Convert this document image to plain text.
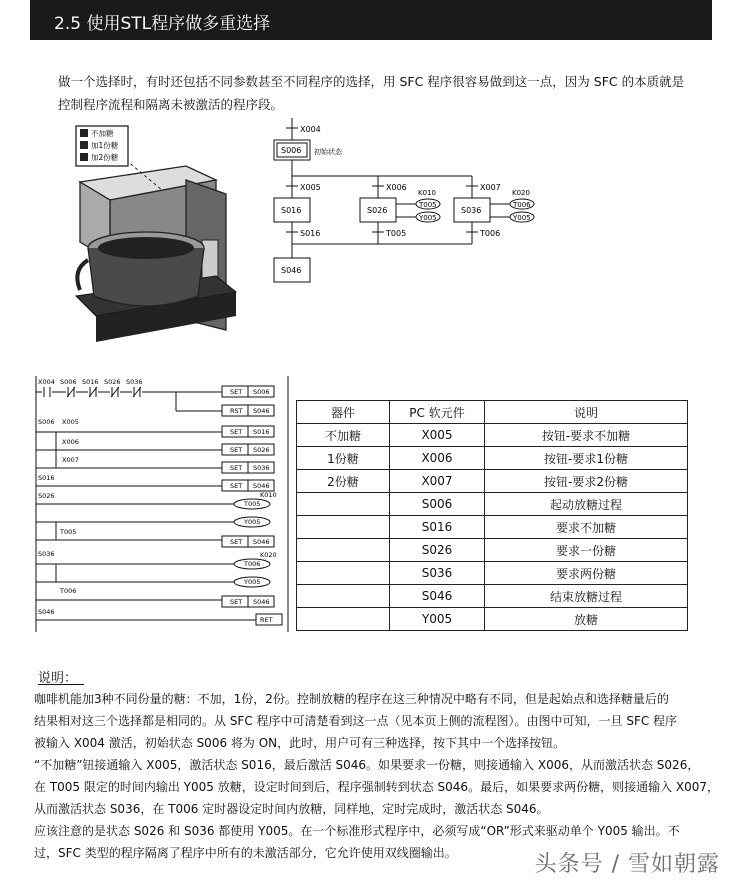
2.5 使用STL程序做多重选择
做一个选择时，有时还包括不同参数甚至不同程序的选择，用 SFC 程序很容易做到这一点，因为 SFC 的本质就是
控制程序流程和隔离未被激活的程序段。
不加糖
加1份糖
加2份糖
X004
S006 初始状态
X005
S016
S016
X006
S026
K010
T005
Y005
T005
X007
S036
K020
T006
Y005
T006
S046
X004 S006 S016 S026 S036
SET S006
RST S046
S006 X005
SET S016
X006
SET S026
X007
SET S036
S016
SET S046
S026	K010
T005
Y005
T005
SET S046
S036	K020
T006
Y005
T006
SET S046
S046
RET
器件	PC 软元件	说明
不加糖	X005	按钮-要求不加糖
1份糖	X006	按钮-要求1份糖
2份糖	X007	按钮-要求2份糖
	S006	起动放糖过程
	S016	要求不加糖
	S026	要求一份糖
	S036	要求两份糖
	S046	结束放糖过程
	Y005	放糖
说明：

咖啡机能加3种不同份量的糖：不加，1份，2份。控制放糖的程序在这三种情况中略有不同，但是起始点和选择糖量后的

结果相对这三个选择都是相同的。从 SFC 程序中可清楚看到这一点（见本页上侧的流程图）。由图中可知，一旦 SFC 程序

被输入 X004 激活，初始状态 S006 将为 ON，此时，用户可有三种选择，按下其中一个选择按钮。

“不加糖”钮接通输入 X005，激活状态 S016，最后激活 S046。如果要求一份糖，则接通输入 X006，从而激活状态 S026，

在 T005 限定的时间内输出 Y005 放糖，设定时间到后，程序强制转到状态 S046。最后，如果要求两份糖，则接通输入 X007，

从而激活状态 S036，在 T006 定时器设定时间内放糖，同样地，定时完成时，激活状态 S046。

应该注意的是状态 S026 和 S036 都使用 Y005。在一个标准形式程序中，必须写成“OR”形式来驱动单个 Y005 输出。不

过，SFC 类型的程序隔离了程序中所有的未激活部分，它允许使用双线圈输出。	头条号 / 雪如朝露
